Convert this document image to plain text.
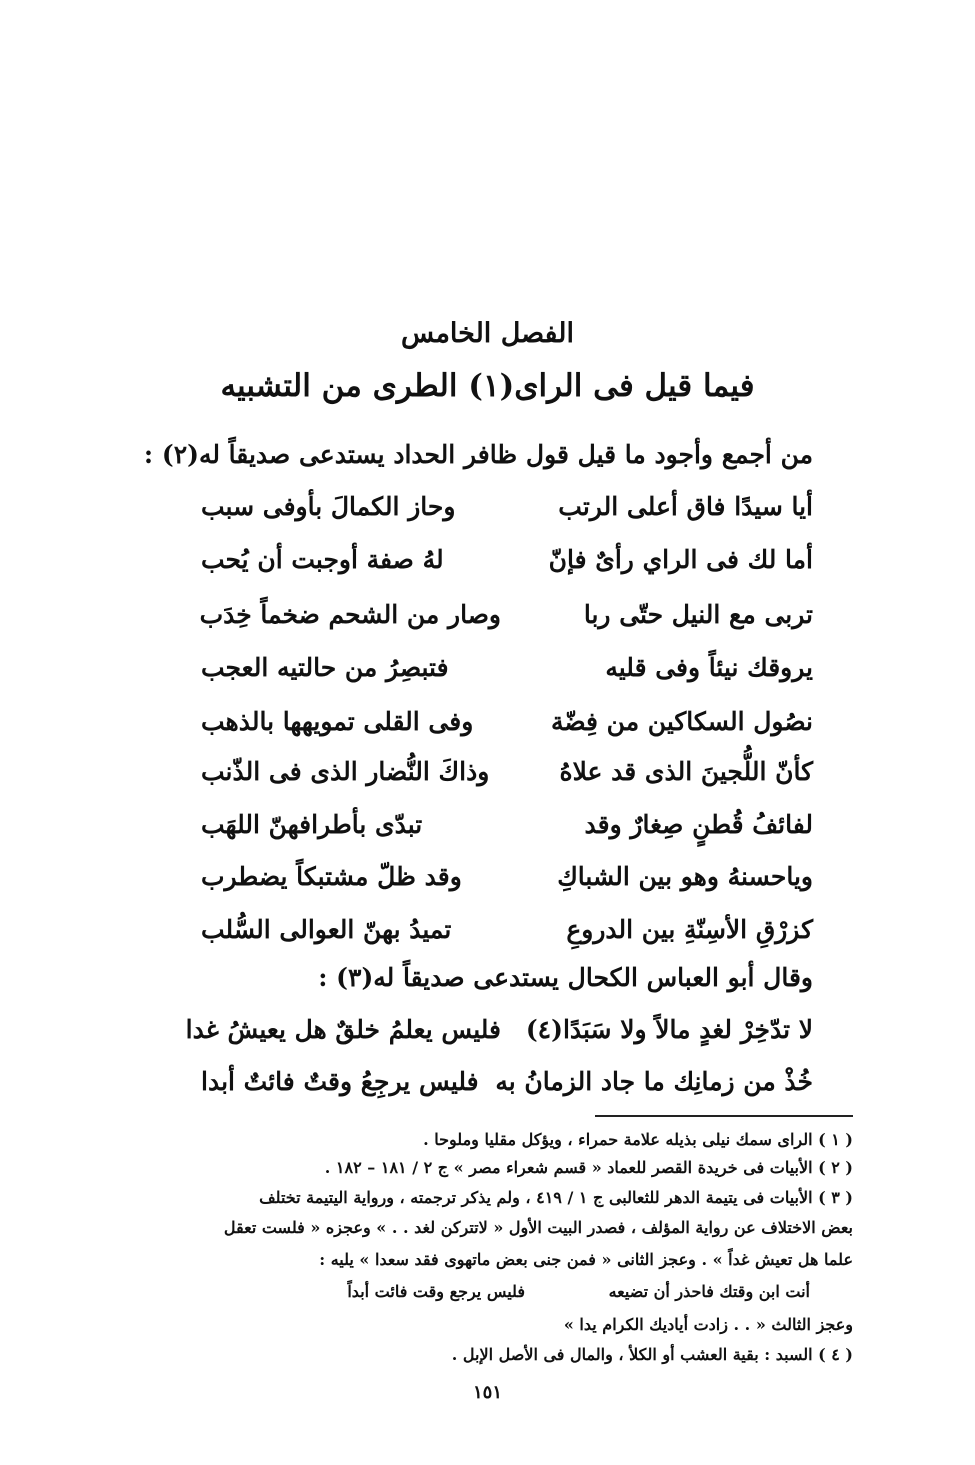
الفصل الخامس
فيما قيل فى الراى(١) الطرى من التشبيه
من أجمع وأجود ما قيل قول ظافر الحداد يستدعى صديقاً له(٢) :
أيا سيدًا فاق أعلى الرتب
وحاز الكمالَ بأوفى سبب
أما لك فى الراي رأىٌ فإنّ
لهُ صفة أوجبت أن يُحب
تربى مع النيل حتّى ربا
وصار من الشحم ضخماً خِدَب
يروقك نيئاً وفى قليه
فتبصِرُ من حالتيه العجب
نصُول السكاكين من فِضّة
وفى القلى تمويهها بالذهب
كأنّ اللُّجينَ الذى قد علاهُ
وذاكَ النُّضار الذى فى الذّنب
لفائفُ قُطنٍ صِغارٌ وقد
تبدّى بأطرافهنّ اللهَب
وياحسنهُ وهو بين الشباكِ
وقد ظلّ مشتبكاً يضطرب
كزرْقِ الأسِنّةِ بين الدروعِ
تميدُ بهنّ العوالى السُّلب
وقال أبو العباس الكحال يستدعى صديقاً له(٣) :
لا تدّخِرْ لغدٍ مالاً ولا سَبَدًا(٤)
فليس يعلمُ خلقٌ هل يعيشُ غدا
خُذْ من زمانِك ما جاد الزمانُ به
فليس يرجِعُ وقتٌ فائتٌ أبدا
( ١ ) الراى سمك نيلى بذيله علامة حمراء ، ويؤكل مقليا وملوحا .
( ٢ ) الأبيات فى خريدة القصر للعماد « قسم شعراء مصر » ج ٢ / ١٨١ – ١٨٢ .
( ٣ ) الأبيات فى يتيمة الدهر للثعالبى ج ١ / ٤١٩ ، ولم يذكر ترجمته ، ورواية اليتيمة تختلف
بعض الاختلاف عن رواية المؤلف ، فصدر البيت الأول « لاتتركن لغد . . » وعجزه « فلست تعقل
علما هل تعيش غداً » . وعجز الثانى « فمن جنى بعض ماتهوى فقد سعدا » يليه :
أنت ابن وقتك فاحذر أن تضيعه
فليس يرجع وقت فائت أبداً
وعجز الثالث « . . زادت أياديك الكرام يدا »
( ٤ ) السبد : بقية العشب أو الكلأ ، والمال فى الأصل الإبل .
١٥١
